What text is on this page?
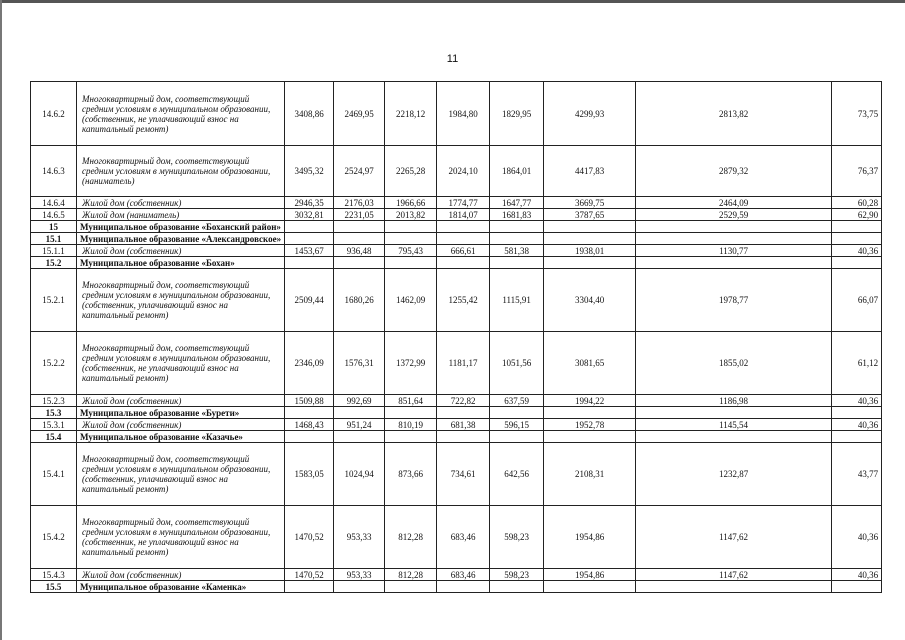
11
14.6.2	Многоквартирный дом, соответствующий средним условиям в муниципальном образовании, (собственник, не уплачивающий взнос на капитальный ремонт)	3408,86	2469,95	2218,12	1984,80	1829,95	4299,93	2813,82	73,75
14.6.3	Многоквартирный дом, соответствующий средним условиям в муниципальном образовании, (наниматель)	3495,32	2524,97	2265,28	2024,10	1864,01	4417,83	2879,32	76,37
14.6.4	Жилой дом (собственник)	2946,35	2176,03	1966,66	1774,77	1647,77	3669,75	2464,09	60,28
14.6.5	Жилой дом (наниматель)	3032,81	2231,05	2013,82	1814,07	1681,83	3787,65	2529,59	62,90
15	Муниципальное образование «Боханский район»								
15.1	Муниципальное образование «Александровское»								
15.1.1	Жилой дом (собственник)	1453,67	936,48	795,43	666,61	581,38	1938,01	1130,77	40,36
15.2	Муниципальное образование «Бохан»								
15.2.1	Многоквартирный дом, соответствующий средним условиям в муниципальном образовании, (собственник, уплачивающий взнос на капитальный ремонт)	2509,44	1680,26	1462,09	1255,42	1115,91	3304,40	1978,77	66,07
15.2.2	Многоквартирный дом, соответствующий средним условиям в муниципальном образовании, (собственник, не уплачивающий взнос на капитальный ремонт)	2346,09	1576,31	1372,99	1181,17	1051,56	3081,65	1855,02	61,12
15.2.3	Жилой дом (собственник)	1509,88	992,69	851,64	722,82	637,59	1994,22	1186,98	40,36
15.3	Муниципальное образование «Бурети»								
15.3.1	Жилой дом (собственник)	1468,43	951,24	810,19	681,38	596,15	1952,78	1145,54	40,36
15.4	Муниципальное образование «Казачье»								
15.4.1	Многоквартирный дом, соответствующий средним условиям в муниципальном образовании, (собственник, уплачивающий взнос на капитальный ремонт)	1583,05	1024,94	873,66	734,61	642,56	2108,31	1232,87	43,77
15.4.2	Многоквартирный дом, соответствующий средним условиям в муниципальном образовании, (собственник, не уплачивающий взнос на капитальный ремонт)	1470,52	953,33	812,28	683,46	598,23	1954,86	1147,62	40,36
15.4.3	Жилой дом (собственник)	1470,52	953,33	812,28	683,46	598,23	1954,86	1147,62	40,36
15.5	Муниципальное образование «Каменка»								
